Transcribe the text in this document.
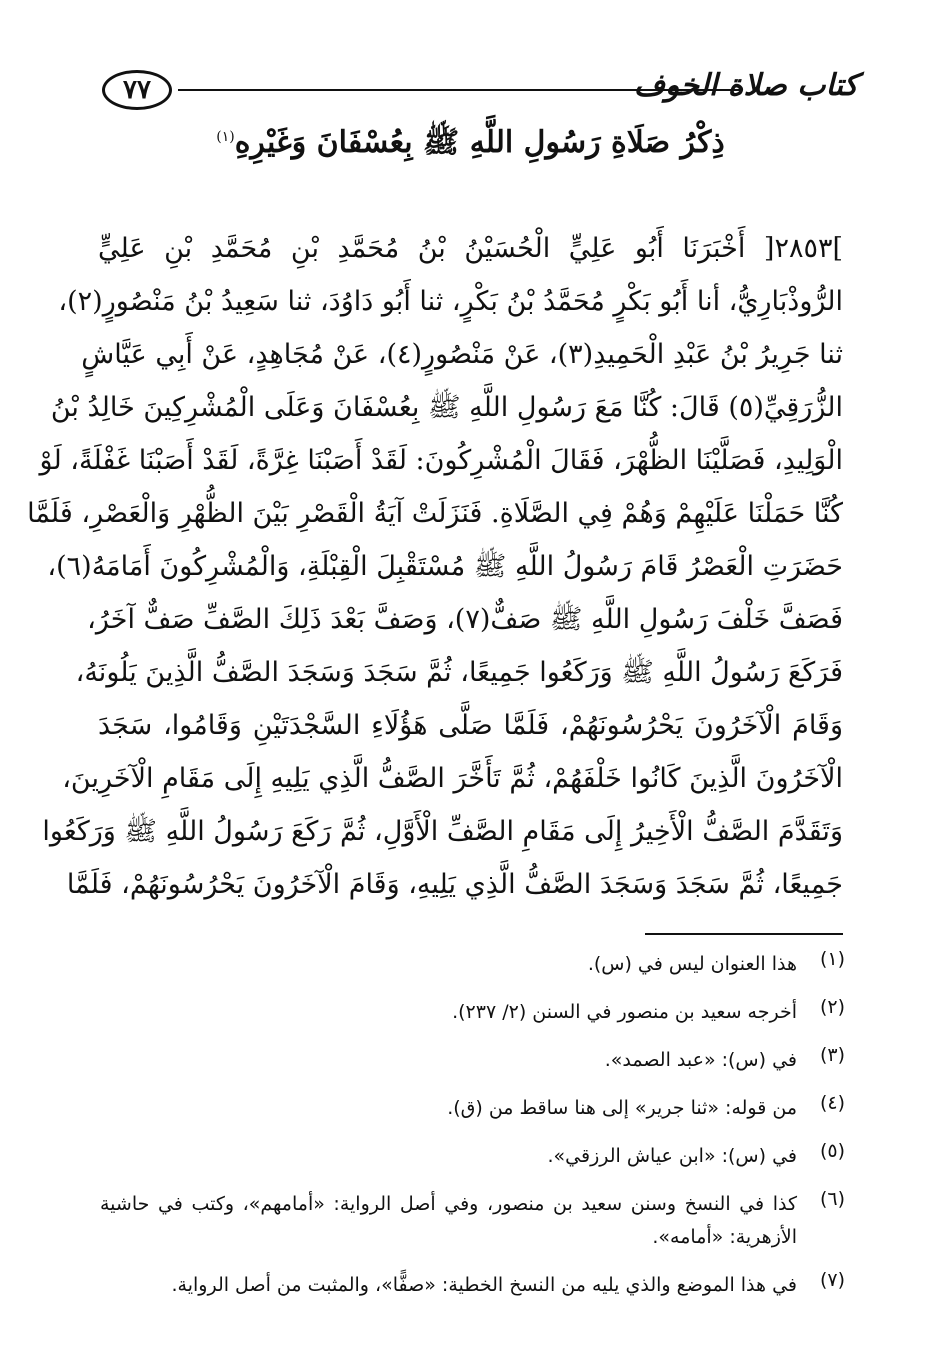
٧٧	كتاب صلاة الخوف
ذِكْرُ صَلَاةِ رَسُولِ اللَّهِ ﷺ بِعُسْفَانَ وَغَيْرِهِ$^{(١)}$
]٢٨٥٣[ أَخْبَرَنَا أَبُو عَلِيٍّ الْحُسَيْنُ بْنُ مُحَمَّدِ بْنِ مُحَمَّدِ بْنِ عَلِيٍّ
الرُّوذْبَارِيُّ، أنا أَبُو بَكْرٍ مُحَمَّدُ بْنُ بَكْرٍ، ثنا أَبُو دَاوُدَ، ثنا سَعِيدُ بْنُ مَنْصُورٍ(٢)،
ثنا جَرِيرُ بْنُ عَبْدِ الْحَمِيدِ(٣)، عَنْ مَنْصُورٍ(٤)، عَنْ مُجَاهِدٍ، عَنْ أَبِي عَيَّاشٍ
الزُّرَقِيِّ(٥) قَالَ: كُنَّا مَعَ رَسُولِ اللَّهِ ﷺ بِعُسْفَانَ وَعَلَى الْمُشْرِكِينَ خَالِدُ بْنُ
الْوَلِيدِ، فَصَلَّيْنَا الظُّهْرَ، فَقَالَ الْمُشْرِكُونَ: لَقَدْ أَصَبْنَا غِرَّةً، لَقَدْ أَصَبْنَا غَفْلَةً، لَوْ
كُنَّا حَمَلْنَا عَلَيْهِمْ وَهُمْ فِي الصَّلَاةِ. فَنَزَلَتْ آيَةُ الْقَصْرِ بَيْنَ الظُّهْرِ وَالْعَصْرِ، فَلَمَّا
حَضَرَتِ الْعَصْرُ قَامَ رَسُولُ اللَّهِ ﷺ مُسْتَقْبِلَ الْقِبْلَةِ، وَالْمُشْرِكُونَ أَمَامَهُ(٦)،
فَصَفَّ خَلْفَ رَسُولِ اللَّهِ ﷺ صَفٌّ(٧)، وَصَفَّ بَعْدَ ذَلِكَ الصَّفِّ صَفٌّ آخَرُ،
فَرَكَعَ رَسُولُ اللَّهِ ﷺ وَرَكَعُوا جَمِيعًا، ثُمَّ سَجَدَ وَسَجَدَ الصَّفُّ الَّذِينَ يَلُونَهُ،
وَقَامَ الْآخَرُونَ يَحْرُسُونَهُمْ، فَلَمَّا صَلَّى هَؤُلَاءِ السَّجْدَتَيْنِ وَقَامُوا، سَجَدَ
الْآخَرُونَ الَّذِينَ كَانُوا خَلْفَهُمْ، ثُمَّ تَأَخَّرَ الصَّفُّ الَّذِي يَلِيهِ إِلَى مَقَامِ الْآخَرِينَ،
وَتَقَدَّمَ الصَّفُّ الْأَخِيرُ إِلَى مَقَامِ الصَّفِّ الْأَوَّلِ، ثُمَّ رَكَعَ رَسُولُ اللَّهِ ﷺ وَرَكَعُوا
جَمِيعًا، ثُمَّ سَجَدَ وَسَجَدَ الصَّفُّ الَّذِي يَلِيهِ، وَقَامَ الْآخَرُونَ يَحْرُسُونَهُمْ، فَلَمَّا
(١)
هذا العنوان ليس في (س).
(٢)
أخرجه سعيد بن منصور في السنن (٢/ ٢٣٧).
(٣)
في (س): «عبد الصمد».
(٤)
من قوله: «ثنا جرير» إلى هنا ساقط من (ق).
(٥)
في (س): «ابن عياش الرزقي».
(٦)
كذا في النسخ وسنن سعيد بن منصور، وفي أصل الرواية: «أمامهم»، وكتب في حاشية الأزهرية: «أمامه».
(٧)
في هذا الموضع والذي يليه من النسخ الخطية: «صفًّا»، والمثبت من أصل الرواية.
